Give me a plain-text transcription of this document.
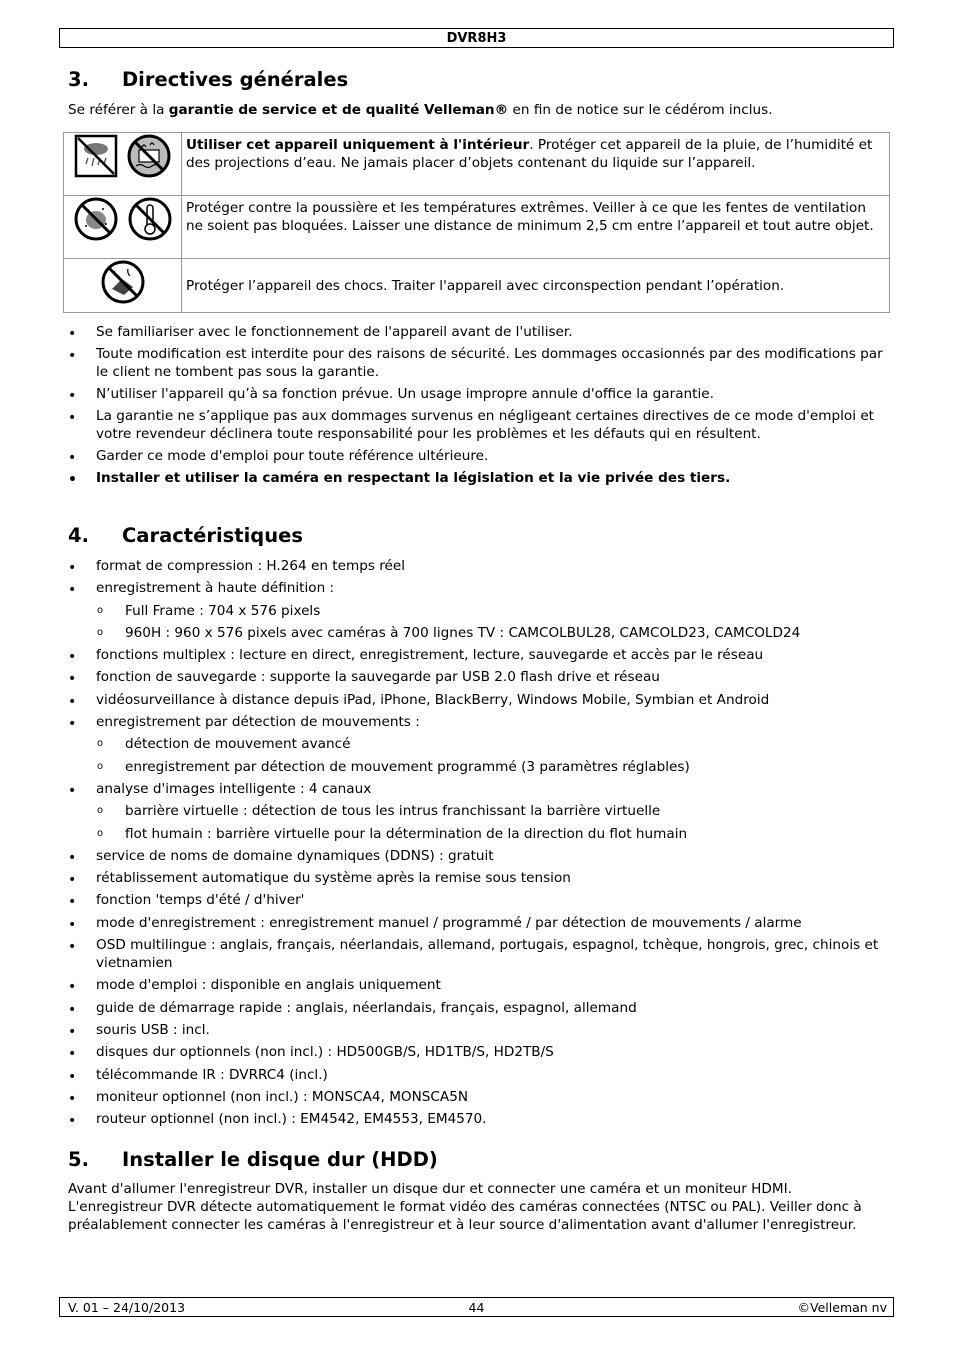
DVR8H3
3. Directives générales

Se référer à la garantie de service et de qualité Velleman® en fin de notice sur le cédérom inclus.

	Utiliser cet appareil uniquement à l'intérieur. Protéger cet appareil de la pluie, de l’humidité et des projections d’eau. Ne jamais placer d’objets contenant du liquide sur l’appareil.

	Protéger contre la poussière et les températures extrêmes. Veiller à ce que les fentes de ventilation ne soient pas bloquées. Laisser une distance de minimum 2,5 cm entre l’appareil et tout autre objet.

	Protéger l’appareil des chocs. Traiter l'appareil avec circonspection pendant l’opération.
• Se familiariser avec le fonctionnement de l'appareil avant de l'utiliser.
• Toute modification est interdite pour des raisons de sécurité. Les dommages occasionnés par des modifications par le client ne tombent pas sous la garantie.
• N’utiliser l'appareil qu’à sa fonction prévue. Un usage impropre annule d'office la garantie.
• La garantie ne s’applique pas aux dommages survenus en négligeant certaines directives de ce mode d'emploi et votre revendeur déclinera toute responsabilité pour les problèmes et les défauts qui en résultent.
• Garder ce mode d'emploi pour toute référence ultérieure.
• Installer et utiliser la caméra en respectant la législation et la vie privée des tiers.
4. Caractéristiques
• format de compression : H.264 en temps réel
• enregistrement à haute définition :
o Full Frame : 704 x 576 pixels
o 960H : 960 x 576 pixels avec caméras à 700 lignes TV : CAMCOLBUL28, CAMCOLD23, CAMCOLD24
• fonctions multiplex : lecture en direct, enregistrement, lecture, sauvegarde et accès par le réseau
• fonction de sauvegarde : supporte la sauvegarde par USB 2.0 flash drive et réseau
• vidéosurveillance à distance depuis iPad, iPhone, BlackBerry, Windows Mobile, Symbian et Android
• enregistrement par détection de mouvements :
o détection de mouvement avancé
o enregistrement par détection de mouvement programmé (3 paramètres réglables)
• analyse d'images intelligente : 4 canaux
o barrière virtuelle : détection de tous les intrus franchissant la barrière virtuelle
o flot humain : barrière virtuelle pour la détermination de la direction du flot humain
• service de noms de domaine dynamiques (DDNS) : gratuit
• rétablissement automatique du système après la remise sous tension
• fonction 'temps d'été / d'hiver'
• mode d'enregistrement : enregistrement manuel / programmé / par détection de mouvements / alarme
• OSD multilingue : anglais, français, néerlandais, allemand, portugais, espagnol, tchèque, hongrois, grec, chinois et vietnamien
• mode d'emploi : disponible en anglais uniquement
• guide de démarrage rapide : anglais, néerlandais, français, espagnol, allemand
• souris USB : incl.
• disques dur optionnels (non incl.) : HD500GB/S, HD1TB/S, HD2TB/S
• télécommande IR : DVRRC4 (incl.)
• moniteur optionnel (non incl.) : MONSCA4, MONSCA5N
• routeur optionnel (non incl.) : EM4542, EM4553, EM4570.
5. Installer le disque dur (HDD)

Avant d'allumer l'enregistreur DVR, installer un disque dur et connecter une caméra et un moniteur HDMI. L'enregistreur DVR détecte automatiquement le format vidéo des caméras connectées (NTSC ou PAL). Veiller donc à préalablement connecter les caméras à l'enregistreur et à leur source d'alimentation avant d'allumer l'enregistreur.

V. 01 – 24/10/2013	44	©Velleman nv
